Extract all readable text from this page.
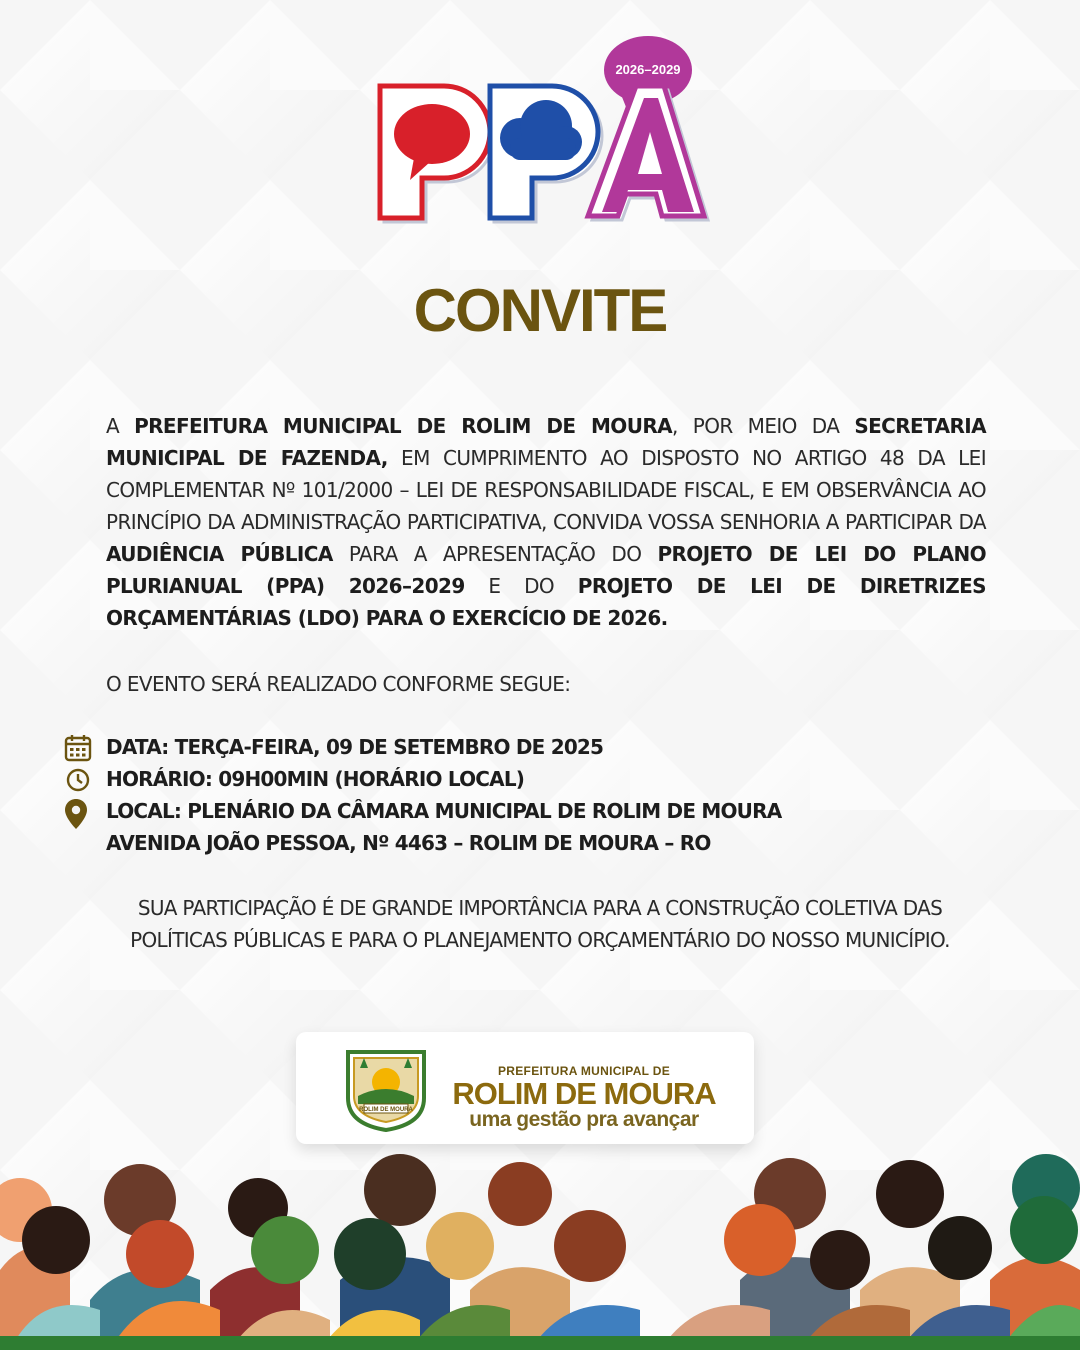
2026–2029
CONVITE
A PREFEITURA MUNICIPAL DE ROLIM DE MOURA, POR MEIO DA SECRETARIA MUNICIPAL DE FAZENDA, EM CUMPRIMENTO AO DISPOSTO NO ARTIGO 48 DA LEI COMPLEMENTAR Nº 101/2000 – LEI DE RESPONSABILIDADE FISCAL, E EM OBSERVÂNCIA AO PRINCÍPIO DA ADMINISTRAÇÃO PARTICIPATIVA, CONVIDA VOSSA SENHORIA A PARTICIPAR DA AUDIÊNCIA PÚBLICA PARA A APRESENTAÇÃO DO PROJETO DE LEI DO PLANO PLURIANUAL (PPA) 2026–2029 E DO PROJETO DE LEI DE DIRETRIZES ORÇAMENTÁRIAS (LDO) PARA O EXERCÍCIO DE 2026.
O EVENTO SERÁ REALIZADO CONFORME SEGUE:
DATA: TERÇA-FEIRA, 09 DE SETEMBRO DE 2025
HORÁRIO: 09H00MIN (HORÁRIO LOCAL)
LOCAL: PLENÁRIO DA CÂMARA MUNICIPAL DE ROLIM DE MOURA
AVENIDA JOÃO PESSOA, Nº 4463 – ROLIM DE MOURA – RO
SUA PARTICIPAÇÃO É DE GRANDE IMPORTÂNCIA PARA A CONSTRUÇÃO COLETIVA DAS POLÍTICAS PÚBLICAS E PARA O PLANEJAMENTO ORÇAMENTÁRIO DO NOSSO MUNICÍPIO.
ROLIM DE MOURA
PREFEITURA MUNICIPAL DE
ROLIM DE MOURA
uma gestão pra avançar
